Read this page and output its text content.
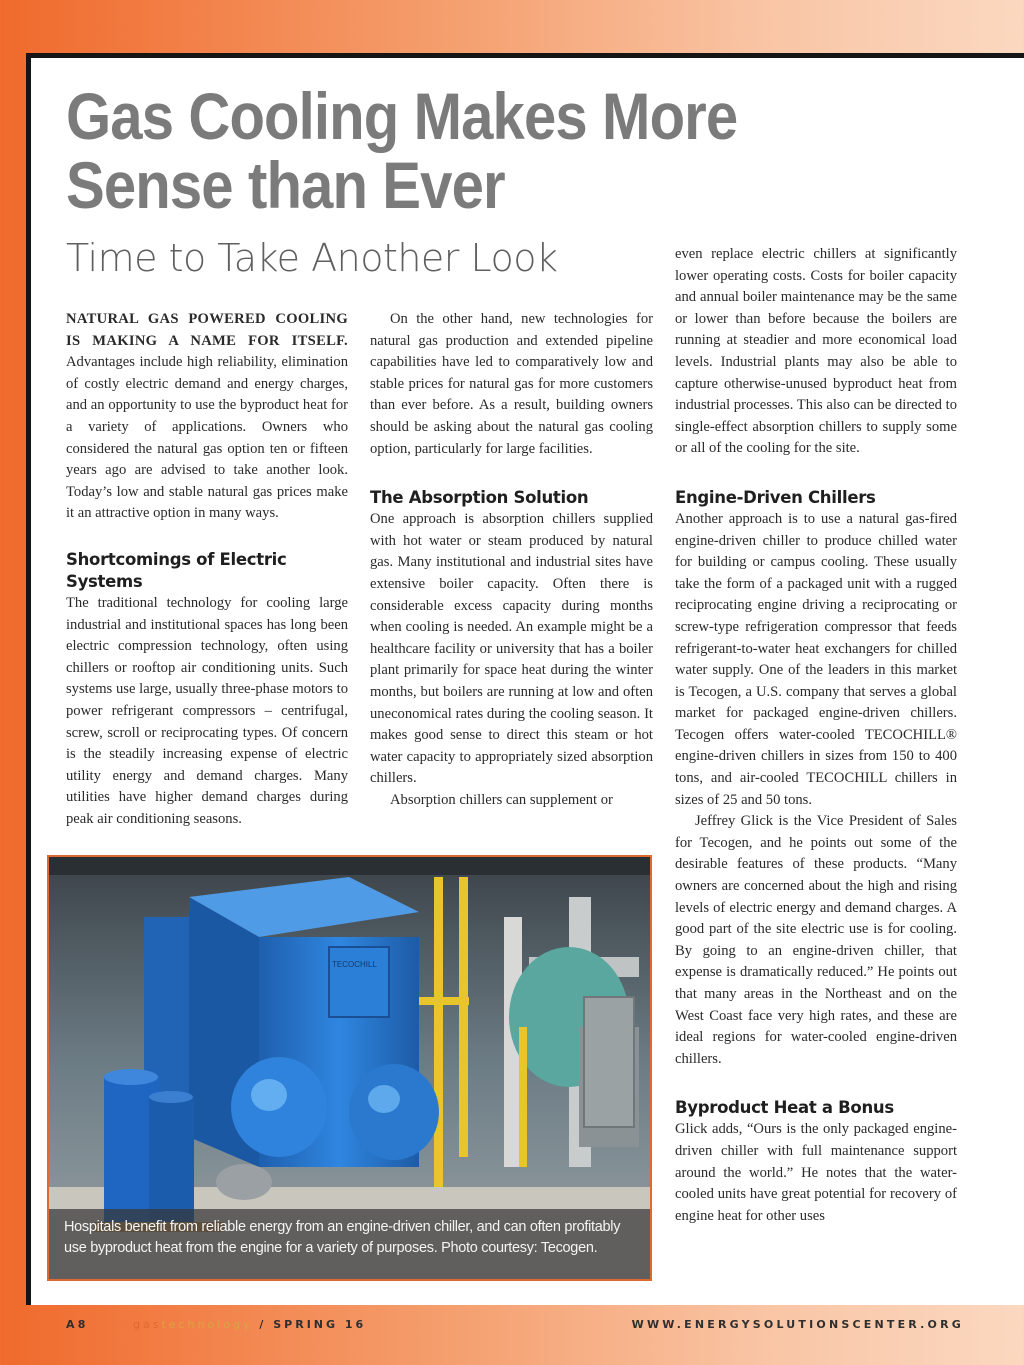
Gas Cooling Makes More
Sense than Ever
Time to Take Another Look

NATURAL GAS POWERED COOLING IS MAKING A NAME FOR ITSELF. Advantages include high reliability, elimination of costly electric demand and energy charges, and an opportunity to use the byproduct heat for a variety of applications. Owners who considered the natural gas option ten or fifteen years ago are advised to take another look. Today’s low and stable natural gas prices make it an attractive option in many ways.

Shortcomings of Electric Systems

The traditional technology for cooling large industrial and institutional spaces has long been electric compression technology, often using chillers or rooftop air conditioning units. Such systems use large, usually three-phase motors to power refrigerant compressors – centrifugal, screw, scroll or reciprocating types. Of concern is the steadily increasing expense of electric utility energy and demand charges. Many utilities have higher demand charges during peak air conditioning seasons.

On the other hand, new technologies for natural gas production and extended pipeline capabilities have led to comparatively low and stable prices for natural gas for more customers than ever before. As a result, building owners should be asking about the natural gas cooling option, particularly for large facilities.

The Absorption Solution

One approach is absorption chillers supplied with hot water or steam produced by natural gas. Many institutional and industrial sites have extensive boiler capacity. Often there is considerable excess capacity during months when cooling is needed. An example might be a healthcare facility or university that has a boiler plant primarily for space heat during the winter months, but boilers are running at low and often uneconomical rates during the cooling season. It makes good sense to direct this steam or hot water capacity to appropriately sized absorption chillers.

Absorption chillers can supplement or

even replace electric chillers at significantly lower operating costs. Costs for boiler capacity and annual boiler maintenance may be the same or lower than before because the boilers are running at steadier and more economical load levels. Industrial plants may also be able to capture otherwise-unused byproduct heat from industrial processes. This also can be directed to single-effect absorption chillers to supply some or all of the cooling for the site.

Engine-Driven Chillers

Another approach is to use a natural gas-fired engine-driven chiller to produce chilled water for building or campus cooling. These usually take the form of a packaged unit with a rugged reciprocating engine driving a reciprocating or screw-type refrigeration compressor that feeds refrigerant-to-water heat exchangers for chilled water supply. One of the leaders in this market is Tecogen, a U.S. company that serves a global market for packaged engine-driven chillers. Tecogen offers water-cooled TECOCHILL® engine-driven chillers in sizes from 150 to 400 tons, and air-cooled TECOCHILL chillers in sizes of 25 and 50 tons.

Jeffrey Glick is the Vice President of Sales for Tecogen, and he points out some of the desirable features of these products. “Many owners are concerned about the high and rising levels of electric energy and demand charges. A good part of the site electric use is for cooling. By going to an engine-driven chiller, that expense is dramatically reduced.” He points out that many areas in the Northeast and on the West Coast face very high rates, and these are ideal regions for water-cooled engine-driven chillers.

Byproduct Heat a Bonus

Glick adds, “Ours is the only packaged engine-driven chiller with full maintenance support around the world.” He notes that the water-cooled units have great potential for recovery of engine heat for other uses

TECOCHILL
Hospitals benefit from reliable energy from an engine-driven chiller, and can often profitably use byproduct heat from the engine for a variety of purposes. Photo courtesy: Tecogen.
A8	gastechnology / SPRING 16	WWW.ENERGYSOLUTIONSCENTER.ORG
